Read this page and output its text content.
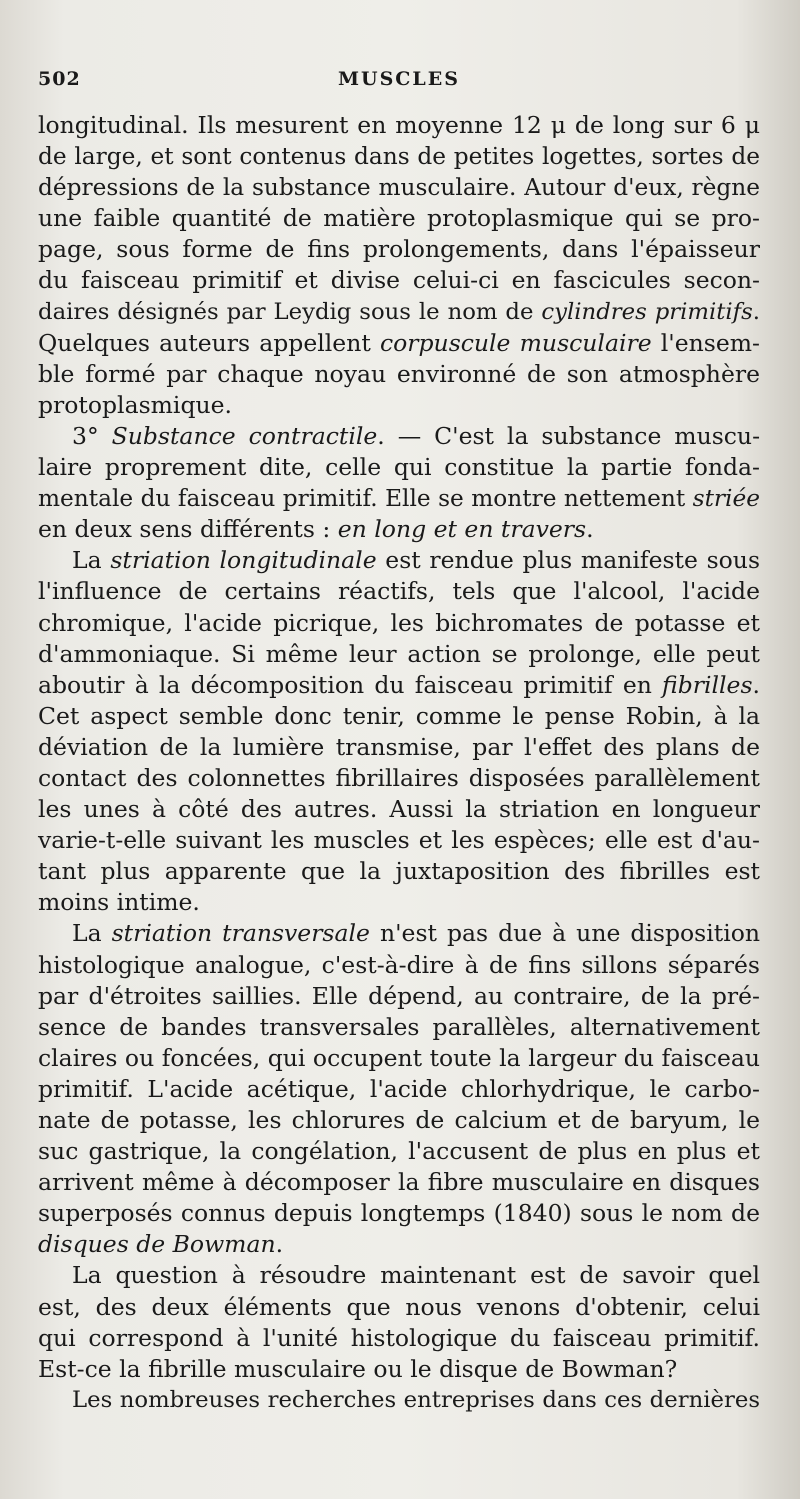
502	MUSCLES
longitudinal. Ils mesurent en moyenne 12 μ de long sur 6 μ
de large, et sont contenus dans de petites logettes, sortes de
dépressions de la substance musculaire. Autour d'eux, règne
une faible quantité de matière protoplasmique qui se pro-
page, sous forme de fins prolongements, dans l'épaisseur
du faisceau primitif et divise celui-ci en fascicules secon-
daires désignés par Leydig sous le nom de cylindres primitifs.
Quelques auteurs appellent corpuscule musculaire l'ensem-
ble formé par chaque noyau environné de son atmosphère
protoplasmique.
3° Substance contractile. — C'est la substance muscu-
laire proprement dite, celle qui constitue la partie fonda-
mentale du faisceau primitif. Elle se montre nettement striée
en deux sens différents : en long et en travers.
La striation longitudinale est rendue plus manifeste sous
l'influence de certains réactifs, tels que l'alcool, l'acide
chromique, l'acide picrique, les bichromates de potasse et
d'ammoniaque. Si même leur action se prolonge, elle peut
aboutir à la décomposition du faisceau primitif en fibrilles.
Cet aspect semble donc tenir, comme le pense Robin, à la
déviation de la lumière transmise, par l'effet des plans de
contact des colonnettes fibrillaires disposées parallèlement
les unes à côté des autres. Aussi la striation en longueur
varie-t-elle suivant les muscles et les espèces; elle est d'au-
tant plus apparente que la juxtaposition des fibrilles est
moins intime.
La striation transversale n'est pas due à une disposition
histologique analogue, c'est-à-dire à de fins sillons séparés
par d'étroites saillies. Elle dépend, au contraire, de la pré-
sence de bandes transversales parallèles, alternativement
claires ou foncées, qui occupent toute la largeur du faisceau
primitif. L'acide acétique, l'acide chlorhydrique, le carbo-
nate de potasse, les chlorures de calcium et de baryum, le
suc gastrique, la congélation, l'accusent de plus en plus et
arrivent même à décomposer la fibre musculaire en disques
superposés connus depuis longtemps (1840) sous le nom de
disques de Bowman.
La question à résoudre maintenant est de savoir quel
est, des deux éléments que nous venons d'obtenir, celui
qui correspond à l'unité histologique du faisceau primitif.
Est-ce la fibrille musculaire ou le disque de Bowman?
Les nombreuses recherches entreprises dans ces dernières
